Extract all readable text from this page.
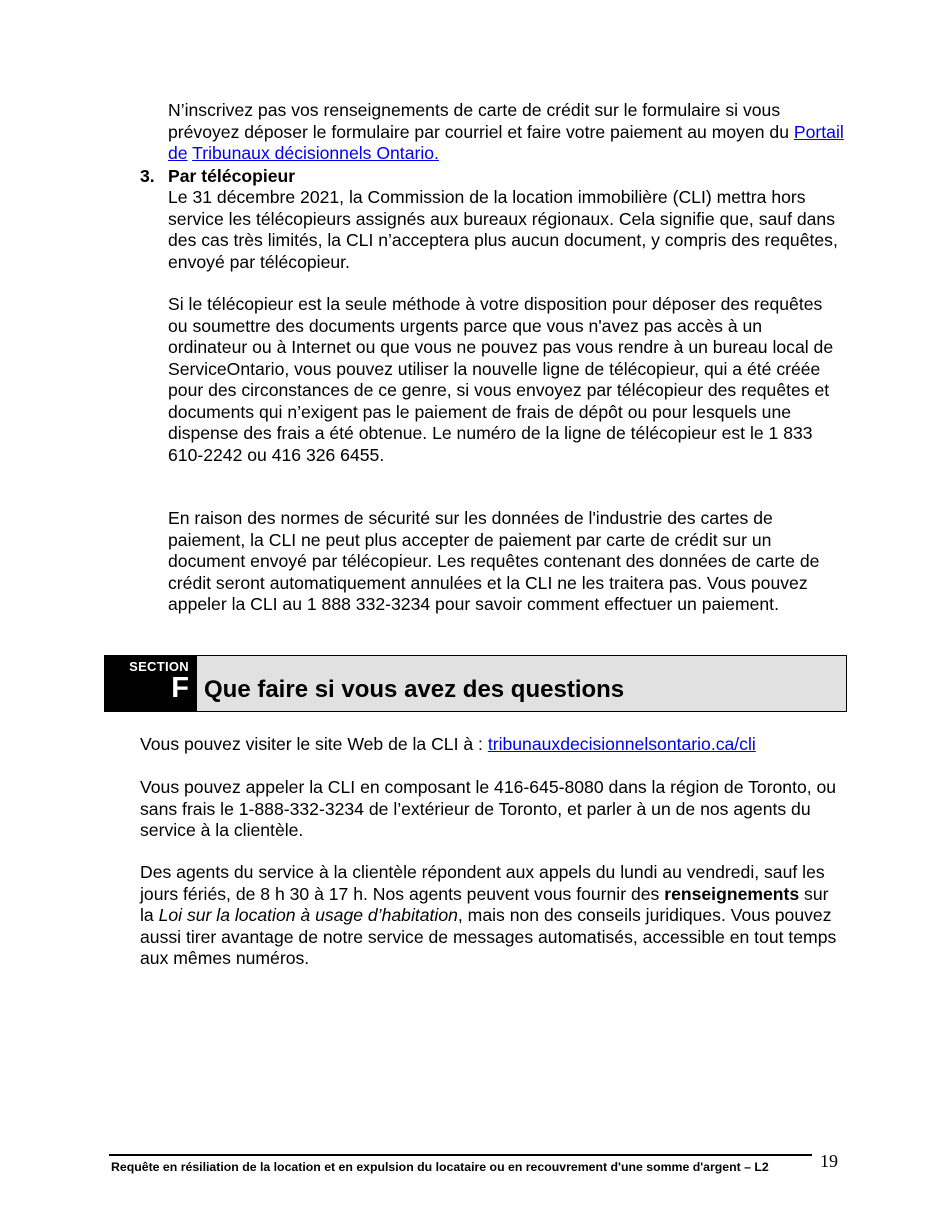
N’inscrivez pas vos renseignements de carte de crédit sur le formulaire si vous prévoyez déposer le formulaire par courriel et faire votre paiement au moyen du Portail de Tribunaux décisionnels Ontario.

3. Par télécopieur

Le 31 décembre 2021, la Commission de la location immobilière (CLI) mettra hors service les télécopieurs assignés aux bureaux régionaux. Cela signifie que, sauf dans des cas très limités, la CLI n’acceptera plus aucun document, y compris des requêtes, envoyé par télécopieur.

Si le télécopieur est la seule méthode à votre disposition pour déposer des requêtes ou soumettre des documents urgents parce que vous n'avez pas accès à un ordinateur ou à Internet ou que vous ne pouvez pas vous rendre à un bureau local de ServiceOntario, vous pouvez utiliser la nouvelle ligne de télécopieur, qui a été créée pour des circonstances de ce genre, si vous envoyez par télécopieur des requêtes et documents qui n’exigent pas le paiement de frais de dépôt ou pour lesquels une dispense des frais a été obtenue. Le numéro de la ligne de télécopieur est le 1 833 610-2242 ou 416 326 6455.

En raison des normes de sécurité sur les données de l'industrie des cartes de paiement, la CLI ne peut plus accepter de paiement par carte de crédit sur un document envoyé par télécopieur. Les requêtes contenant des données de carte de crédit seront automatiquement annulées et la CLI ne les traitera pas. Vous pouvez appeler la CLI au 1 888 332-3234 pour savoir comment effectuer un paiement.

SECTION
F Que faire si vous avez des questions

Vous pouvez visiter le site Web de la CLI à : tribunauxdecisionnelsontario.ca/cli

Vous pouvez appeler la CLI en composant le 416-645-8080 dans la région de Toronto, ou sans frais le 1-888-332-3234 de l’extérieur de Toronto, et parler à un de nos agents du service à la clientèle.

Des agents du service à la clientèle répondent aux appels du lundi au vendredi, sauf les jours fériés, de 8 h 30 à 17 h. Nos agents peuvent vous fournir des renseignements sur la Loi sur la location à usage d’habitation, mais non des conseils juridiques. Vous pouvez aussi tirer avantage de notre service de messages automatisés, accessible en tout temps aux mêmes numéros.

Requête en résiliation de la location et en expulsion du locataire ou en recouvrement d'une somme d'argent – L2	19
